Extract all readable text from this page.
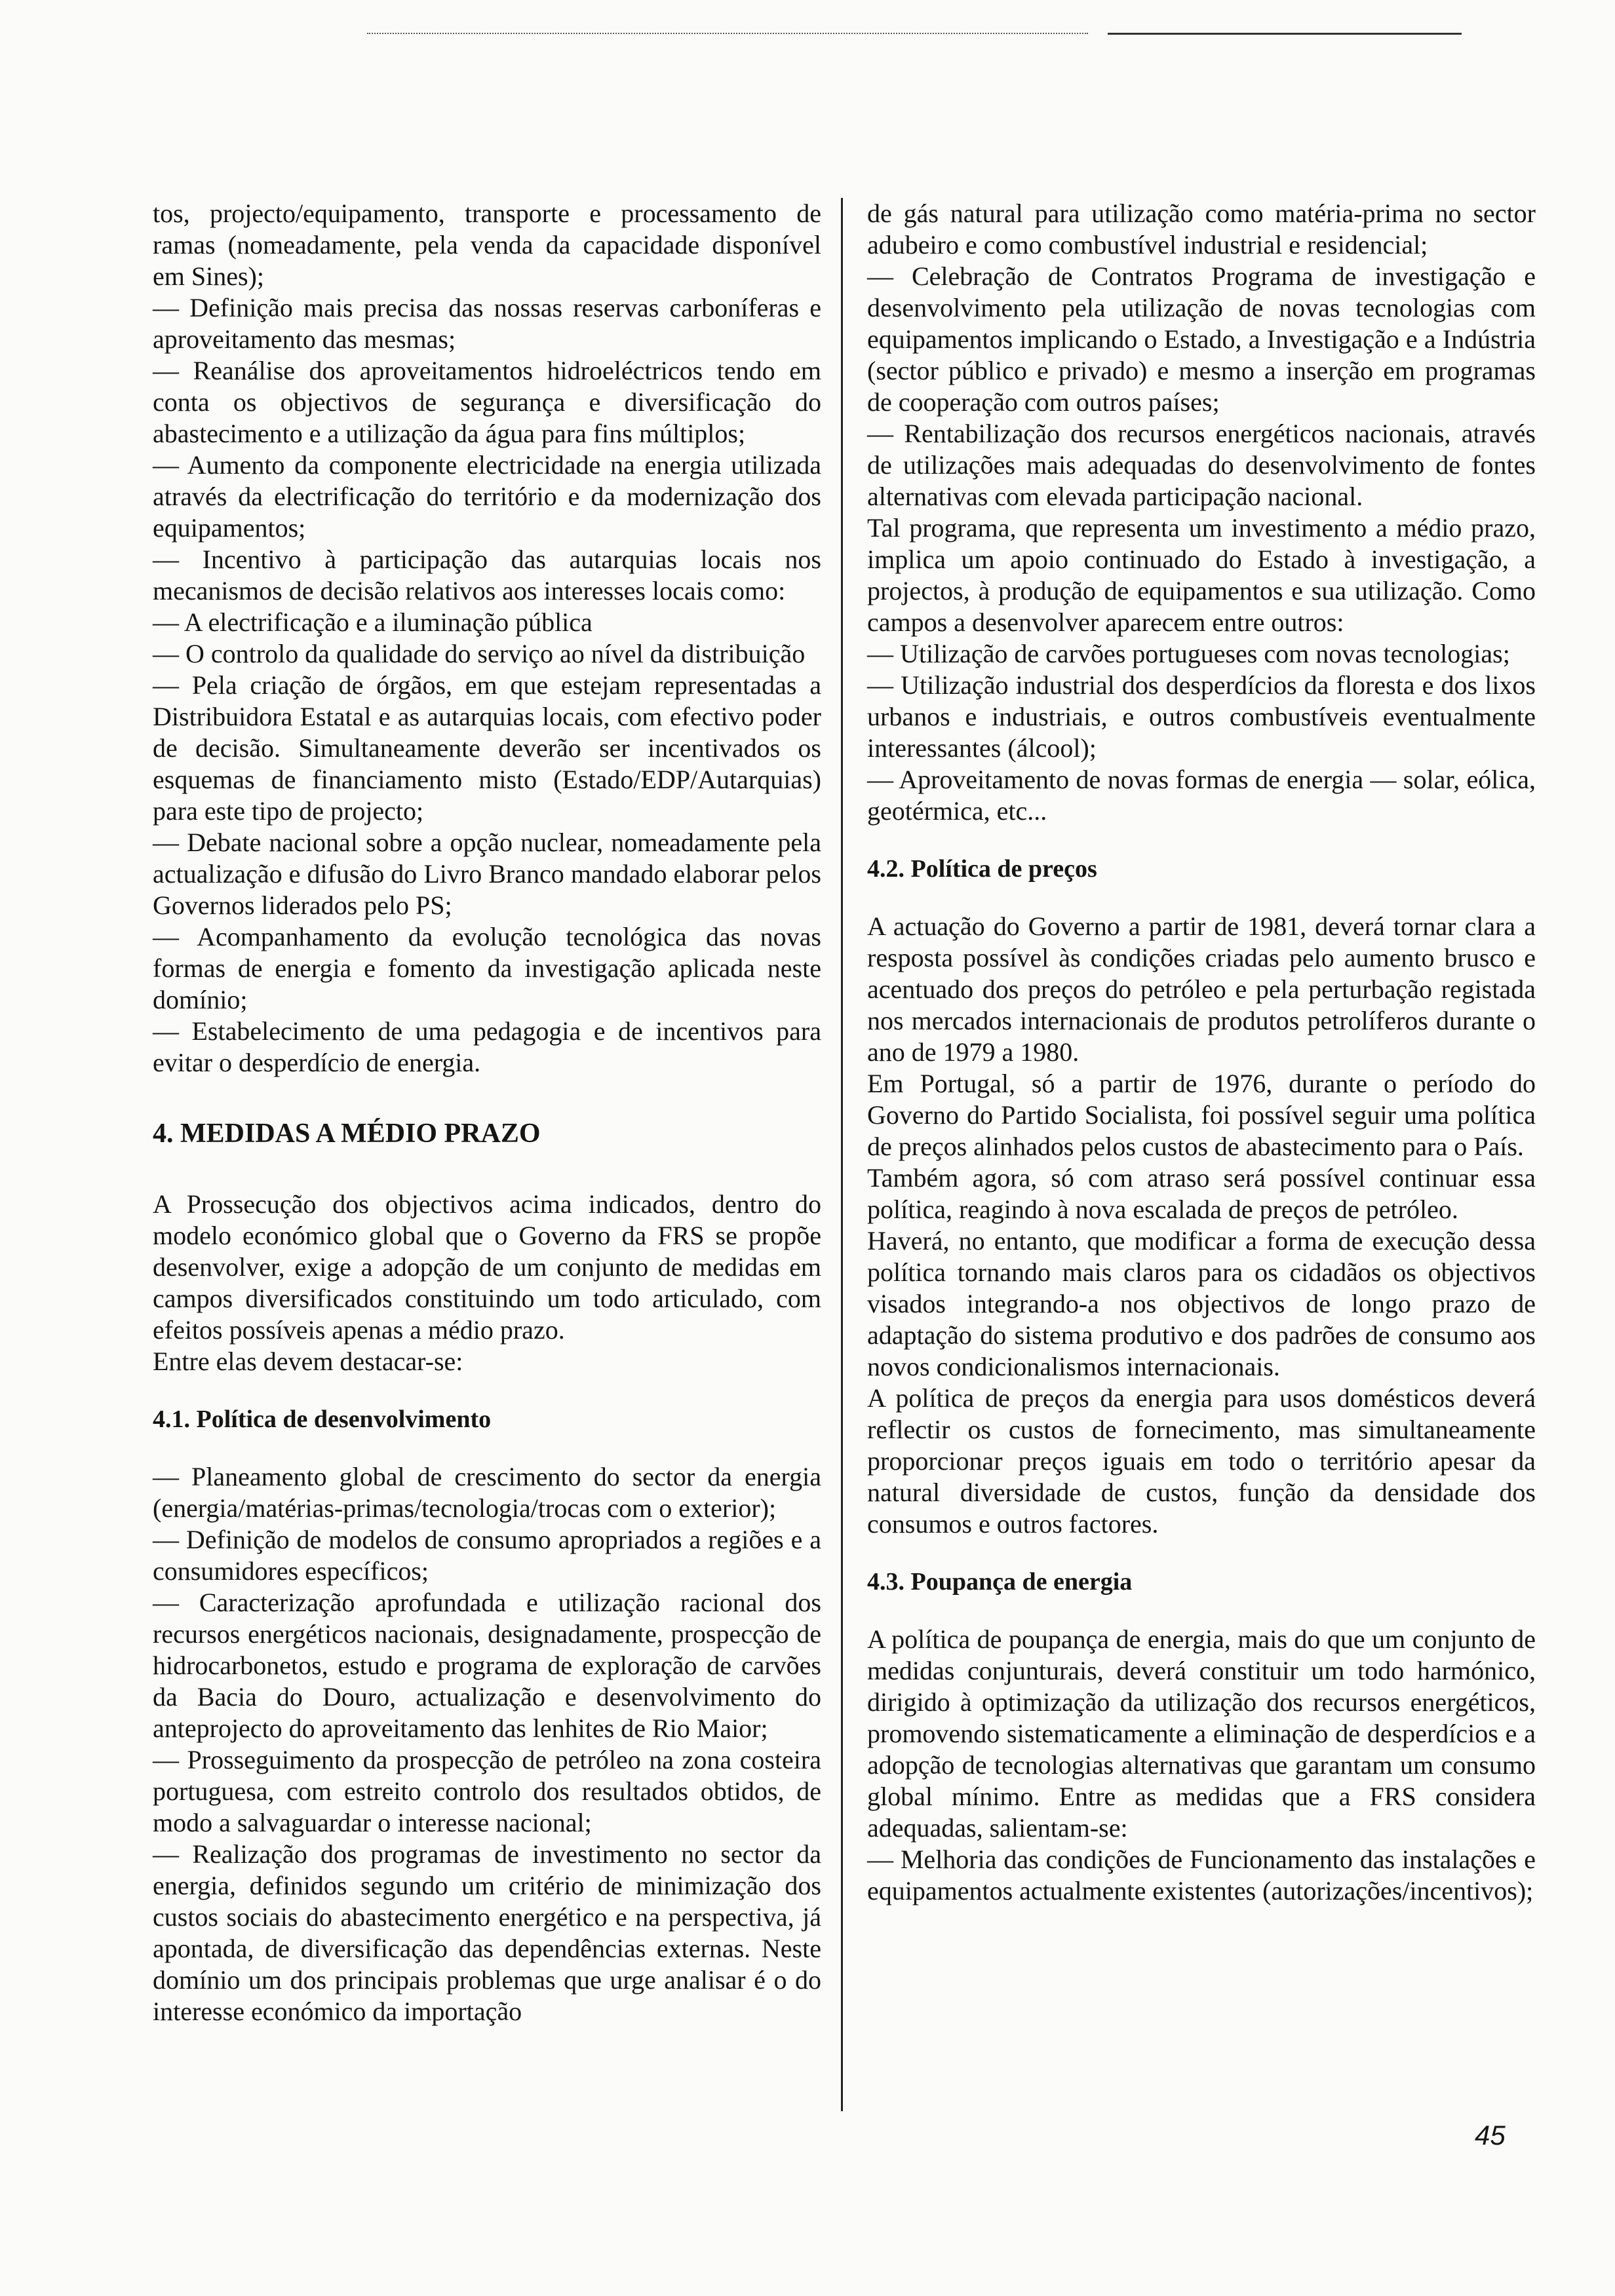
tos, projecto/equipamento, transporte e processamento de ramas (nomeadamente, pela venda da capacidade disponível em Sines);

— Definição mais precisa das nossas reservas carboníferas e aproveitamento das mesmas;

— Reanálise dos aproveitamentos hidroeléctricos tendo em conta os objectivos de segurança e diversificação do abastecimento e a utilização da água para fins múltiplos;

— Aumento da componente electricidade na energia utilizada através da electrificação do território e da modernização dos equipamentos;

— Incentivo à participação das autarquias locais nos mecanismos de decisão relativos aos interesses locais como:

— A electrificação e a iluminação pública

— O controlo da qualidade do serviço ao nível da distribuição

— Pela criação de órgãos, em que estejam representadas a Distribuidora Estatal e as autarquias locais, com efectivo poder de decisão. Simultaneamente deverão ser incentivados os esquemas de financiamento misto (Estado/EDP/Autarquias) para este tipo de projecto;

— Debate nacional sobre a opção nuclear, nomeadamente pela actualização e difusão do Livro Branco mandado elaborar pelos Governos liderados pelo PS;

— Acompanhamento da evolução tecnológica das novas formas de energia e fomento da investigação aplicada neste domínio;

— Estabelecimento de uma pedagogia e de incentivos para evitar o desperdício de energia.

4. MEDIDAS A MÉDIO PRAZO

A Prossecução dos objectivos acima indicados, dentro do modelo económico global que o Governo da FRS se propõe desenvolver, exige a adopção de um conjunto de medidas em campos diversificados constituindo um todo articulado, com efeitos possíveis apenas a médio prazo.

Entre elas devem destacar-se:

4.1. Política de desenvolvimento

— Planeamento global de crescimento do sector da energia (energia/matérias-primas/tecnologia/trocas com o exterior);

— Definição de modelos de consumo apropriados a regiões e a consumidores específicos;

— Caracterização aprofundada e utilização racional dos recursos energéticos nacionais, designadamente, prospecção de hidrocarbonetos, estudo e programa de exploração de carvões da Bacia do Douro, actualização e desenvolvimento do anteprojecto do aproveitamento das lenhites de Rio Maior;

— Prosseguimento da prospecção de petróleo na zona costeira portuguesa, com estreito controlo dos resultados obtidos, de modo a salvaguardar o interesse nacional;

— Realização dos programas de investimento no sector da energia, definidos segundo um critério de minimização dos custos sociais do abastecimento energético e na perspectiva, já apontada, de diversificação das dependências externas. Neste domínio um dos principais problemas que urge analisar é o do interesse económico da importação

de gás natural para utilização como matéria-prima no sector adubeiro e como combustível industrial e residencial;

— Celebração de Contratos Programa de investigação e desenvolvimento pela utilização de novas tecnologias com equipamentos implicando o Estado, a Investigação e a Indústria (sector público e privado) e mesmo a inserção em programas de cooperação com outros países;

— Rentabilização dos recursos energéticos nacionais, através de utilizações mais adequadas do desenvolvimento de fontes alternativas com elevada participação nacional.

Tal programa, que representa um investimento a médio prazo, implica um apoio continuado do Estado à investigação, a projectos, à produção de equipamentos e sua utilização. Como campos a desenvolver aparecem entre outros:

— Utilização de carvões portugueses com novas tecnologias;

— Utilização industrial dos desperdícios da floresta e dos lixos urbanos e industriais, e outros combustíveis eventualmente interessantes (álcool);

— Aproveitamento de novas formas de energia — solar, eólica, geotérmica, etc...

4.2. Política de preços

A actuação do Governo a partir de 1981, deverá tornar clara a resposta possível às condições criadas pelo aumento brusco e acentuado dos preços do petróleo e pela perturbação registada nos mercados internacionais de produtos petrolíferos durante o ano de 1979 a 1980.

Em Portugal, só a partir de 1976, durante o período do Governo do Partido Socialista, foi possível seguir uma política de preços alinhados pelos custos de abastecimento para o País.

Também agora, só com atraso será possível continuar essa política, reagindo à nova escalada de preços de petróleo.

Haverá, no entanto, que modificar a forma de execução dessa política tornando mais claros para os cidadãos os objectivos visados integrando-a nos objectivos de longo prazo de adaptação do sistema produtivo e dos padrões de consumo aos novos condicionalismos internacionais.

A política de preços da energia para usos domésticos deverá reflectir os custos de fornecimento, mas simultaneamente proporcionar preços iguais em todo o território apesar da natural diversidade de custos, função da densidade dos consumos e outros factores.

4.3. Poupança de energia

A política de poupança de energia, mais do que um conjunto de medidas conjunturais, deverá constituir um todo harmónico, dirigido à optimização da utilização dos recursos energéticos, promovendo sistematicamente a eliminação de desperdícios e a adopção de tecnologias alternativas que garantam um consumo global mínimo. Entre as medidas que a FRS considera adequadas, salientam-se:

— Melhoria das condições de Funcionamento das instalações e equipamentos actualmente existentes (autorizações/incentivos);

45
